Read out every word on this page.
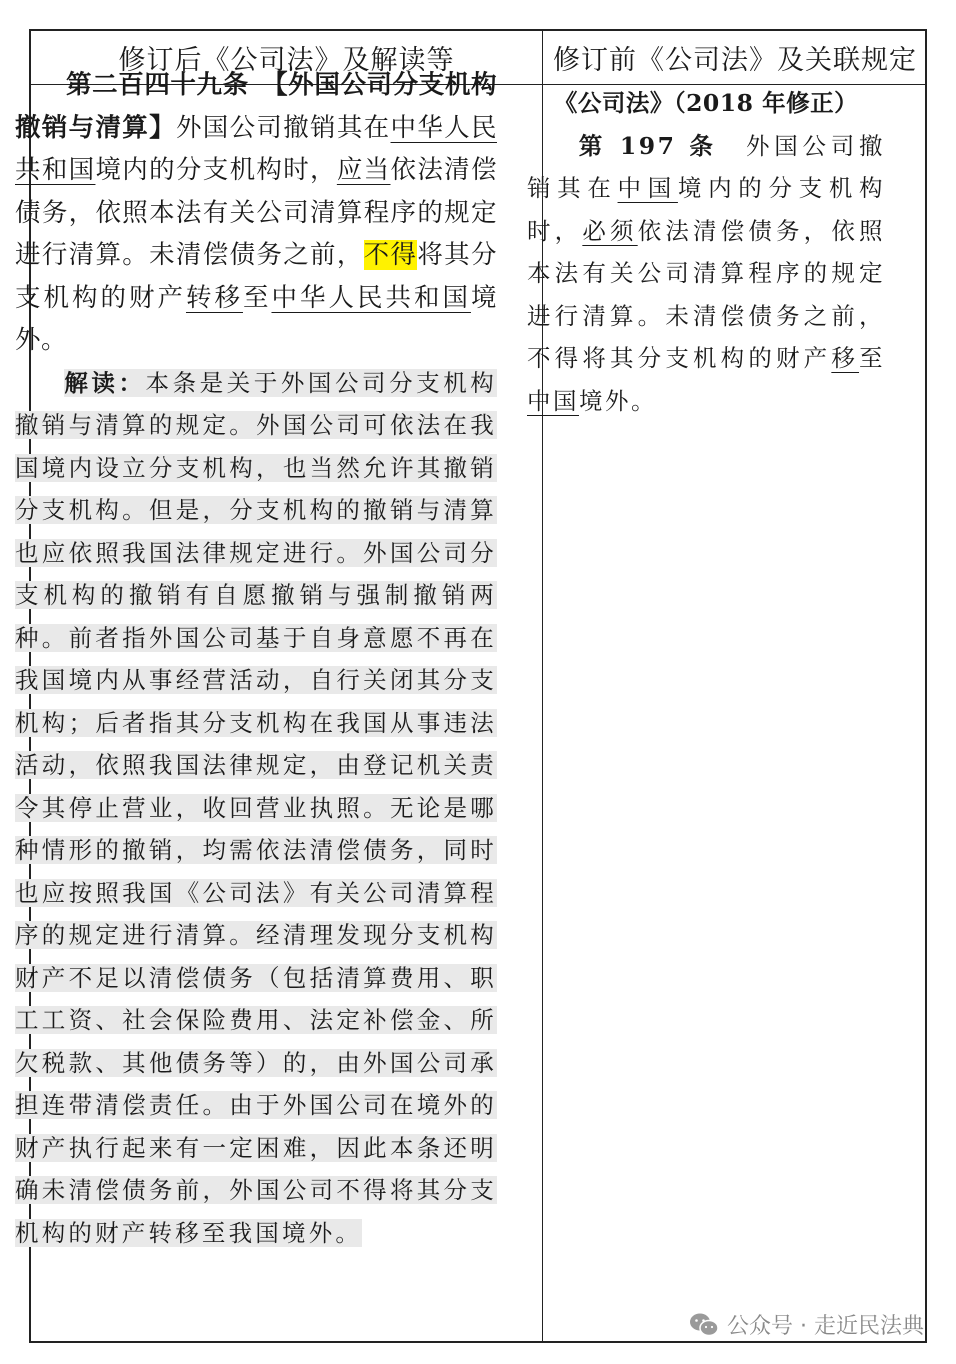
修订后《公司法》及解读等	修订前《公司法》及关联规定

第二百四十九条　 【外国公司分支机构撤销与清算】外国公司撤销其在中华人民共和国境内的分支机构时，应当依法清偿债务，依照本法有关公司清算程序的规定进行清算。未清偿债务之前，不得将其分支机构的财产转移至中华人民共和国境外。

解读：本条是关于外国公司分支机构撤销与清算的规定。外国公司可依法在我国境内设立分支机构，也当然允许其撤销分支机构。但是，分支机构的撤销与清算也应依照我国法律规定进行。外国公司分支机构的撤销有自愿撤销与强制撤销两种。前者指外国公司基于自身意愿不再在我国境内从事经营活动，自行关闭其分支机构；后者指其分支机构在我国从事违法活动，依照我国法律规定，由登记机关责令其停止营业，收回营业执照。无论是哪种情形的撤销，均需依法清偿债务，同时也应按照我国《公司法》有关公司清算程序的规定进行清算。经清理发现分支机构财产不足以清偿债务（包括清算费用、职工工资、社会保险费用、法定补偿金、所欠税款、其他债务等）的，由外国公司承担连带清偿责任。由于外国公司在境外的财产执行起来有一定困难，因此本条还明确未清偿债务前，外国公司不得将其分支机构的财产转移至我国境外。

《公司法》（2018 年修正）

第 197 条　 外国公司撤销其在中国境内的分支机构时，必须依法清偿债务，依照本法有关公司清算程序的规定进行清算。未清偿债务之前，不得将其分支机构的财产移至中国境外。

公众号 · 走近民法典
